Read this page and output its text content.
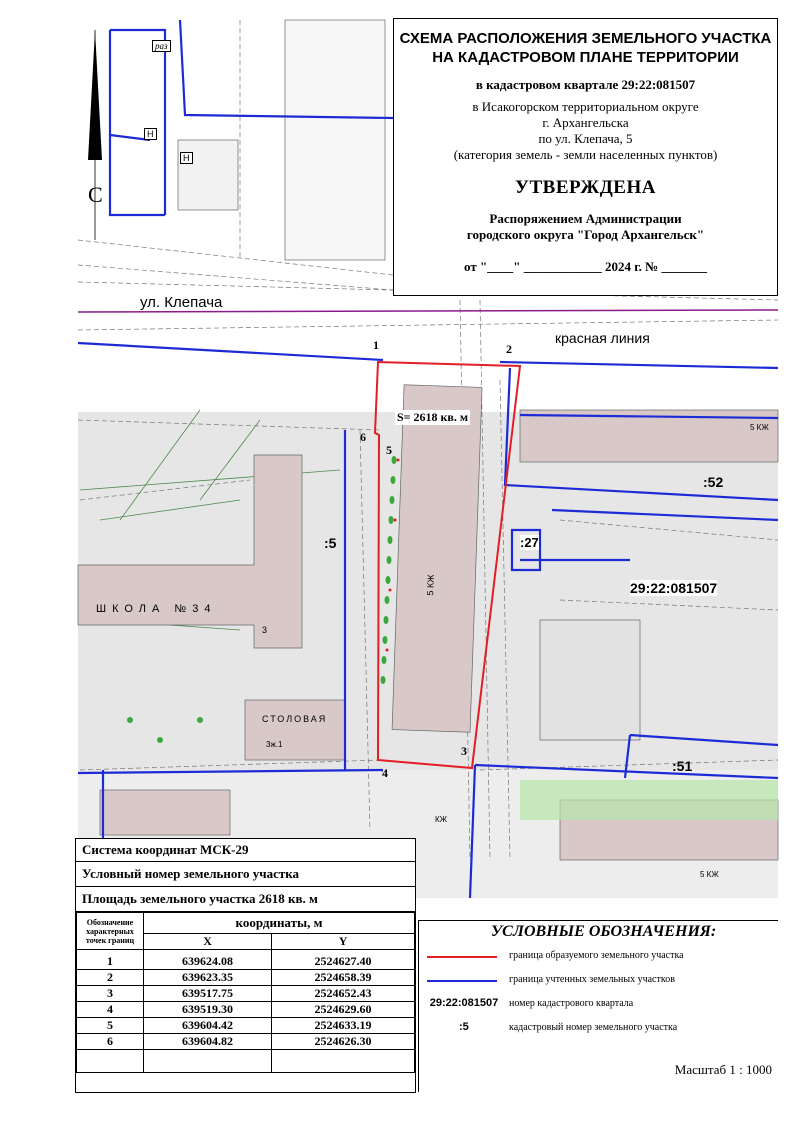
С
раз
Н
Н
ул. Клепача
красная линия
S= 2618 кв. м
:5
:52
:27
:51
29:22:081507
ШКОЛА №34
СТОЛОВАЯ
3
3ж.1
5 КЖ
5 КЖ
КЖ
5 КЖ
1	2
3
4
5
6
СХЕМА РАСПОЛОЖЕНИЯ ЗЕМЕЛЬНОГО УЧАСТКА
НА КАДАСТРОВОМ ПЛАНЕ ТЕРРИТОРИИ
в кадастровом квартале 29:22:081507
в Исакогорском территориальном округе
г. Архангельска
по ул. Клепача, 5
(категория земель - земли населенных пунктов)
УТВЕРЖДЕНА
Распоряжением Администрации
городского округа "Город Архангельск"
от "____" ____________ 2024 г. № _______
Система координат МСК-29
Условный номер земельного участка
Площадь земельного участка 2618 кв. м
Обозначение характерных точек границ	координаты, м	
	X	Y
1	639624.08	2524627.40
2	639623.35	2524658.39
3	639517.75	2524652.43
4	639519.30	2524629.60
5	639604.42	2524633.19
6	639604.82	2524626.30

УСЛОВНЫЕ ОБОЗНАЧЕНИЯ:
граница образуемого земельного участка
граница учтенных земельных участков
29:22:081507	номер кадастрового квартала
:5	кадастровый номер земельного участка
Масштаб 1 : 1000
